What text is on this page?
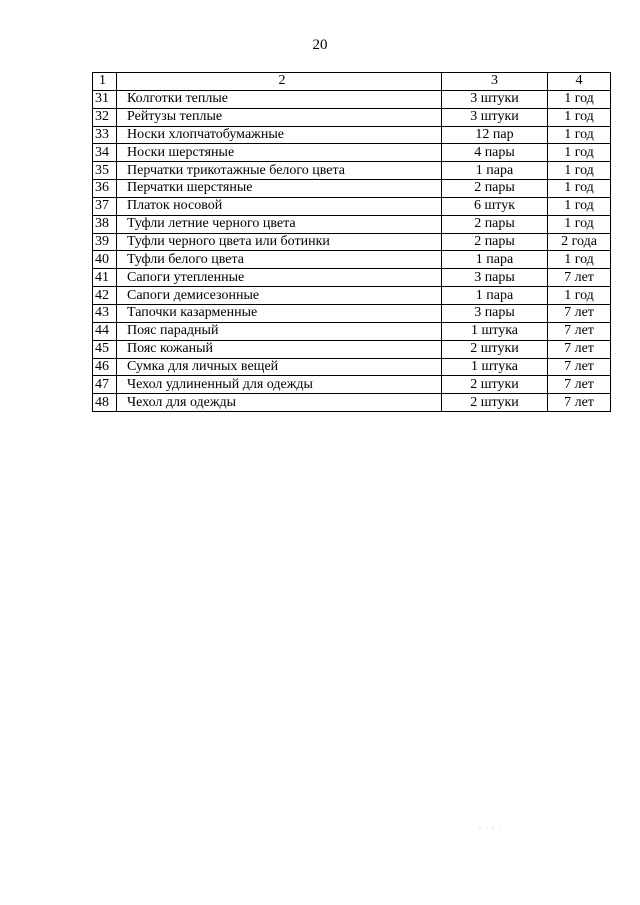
20
1	2	3	4
31	Колготки теплые	3 штуки	1 год
32	Рейтузы теплые	3 штуки	1 год
33	Носки хлопчатобумажные	12 пар	1 год
34	Носки шерстяные	4 пары	1 год
35	Перчатки трикотажные белого цвета	1 пара	1 год
36	Перчатки шерстяные	2 пары	1 год
37	Платок носовой	6 штук	1 год
38	Туфли летние черного цвета	2 пары	1 год
39	Туфли черного цвета или ботинки	2 пары	2 года
40	Туфли белого цвета	1 пара	1 год
41	Сапоги утепленные	3 пары	7 лет
42	Сапоги демисезонные	1 пара	1 год
43	Тапочки казарменные	3 пары	7 лет
44	Пояс парадный	1 штука	7 лет
45	Пояс кожаный	2 штуки	7 лет
46	Сумка для личных вещей	1 штука	7 лет
47	Чехол удлиненный для одежды	2 штуки	7 лет
48	Чехол для одежды	2 штуки	7 лет
